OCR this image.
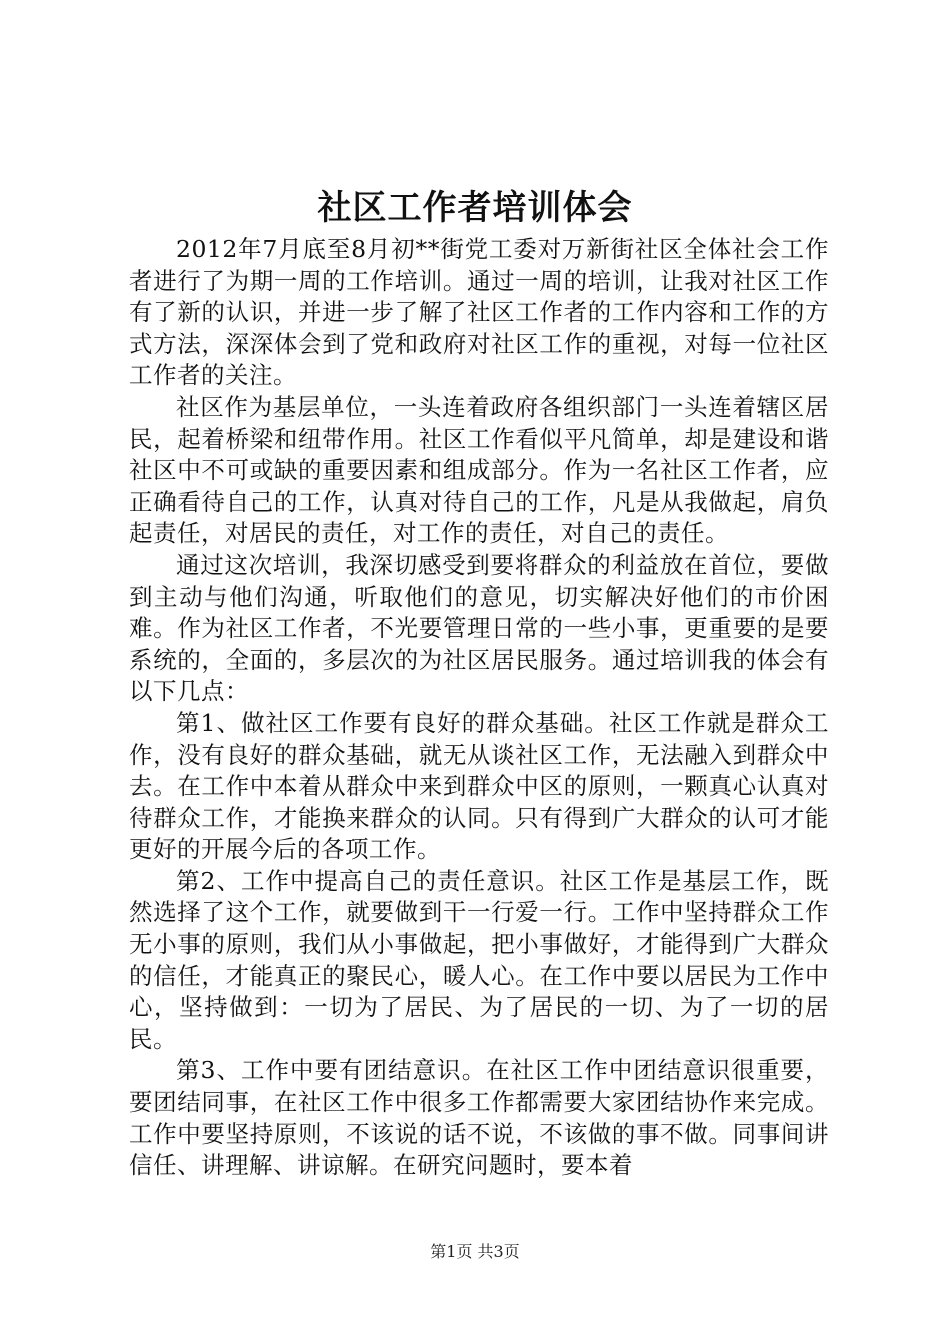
社区工作者培训体会

2012年7月底至8月初**街党工委对万新街社区全体社会工作者进行了为期一周的工作培训。通过一周的培训，让我对社区工作有了新的认识，并进一步了解了社区工作者的工作内容和工作的方式方法，深深体会到了党和政府对社区工作的重视，对每一位社区工作者的关注。

社区作为基层单位，一头连着政府各组织部门一头连着辖区居民，起着桥梁和纽带作用。社区工作看似平凡简单，却是建设和谐社区中不可或缺的重要因素和组成部分。作为一名社区工作者，应正确看待自己的工作，认真对待自己的工作，凡是从我做起，肩负起责任，对居民的责任，对工作的责任，对自己的责任。

通过这次培训，我深切感受到要将群众的利益放在首位，要做到主动与他们沟通，听取他们的意见，切实解决好他们的市价困难。作为社区工作者，不光要管理日常的一些小事，更重要的是要系统的，全面的，多层次的为社区居民服务。通过培训我的体会有以下几点：

第1、做社区工作要有良好的群众基础。社区工作就是群众工作，没有良好的群众基础，就无从谈社区工作，无法融入到群众中去。在工作中本着从群众中来到群众中区的原则，一颗真心认真对待群众工作，才能换来群众的认同。只有得到广大群众的认可才能更好的开展今后的各项工作。

第2、工作中提高自己的责任意识。社区工作是基层工作，既然选择了这个工作，就要做到干一行爱一行。工作中坚持群众工作无小事的原则，我们从小事做起，把小事做好，才能得到广大群众的信任，才能真正的聚民心，暖人心。在工作中要以居民为工作中心，坚持做到：一切为了居民、为了居民的一切、为了一切的居民。

第3、工作中要有团结意识。在社区工作中团结意识很重要，要团结同事，在社区工作中很多工作都需要大家团结协作来完成。工作中要坚持原则，不该说的话不说，不该做的事不做。同事间讲信任、讲理解、讲谅解。在研究问题时，要本着

第1页 共3页
